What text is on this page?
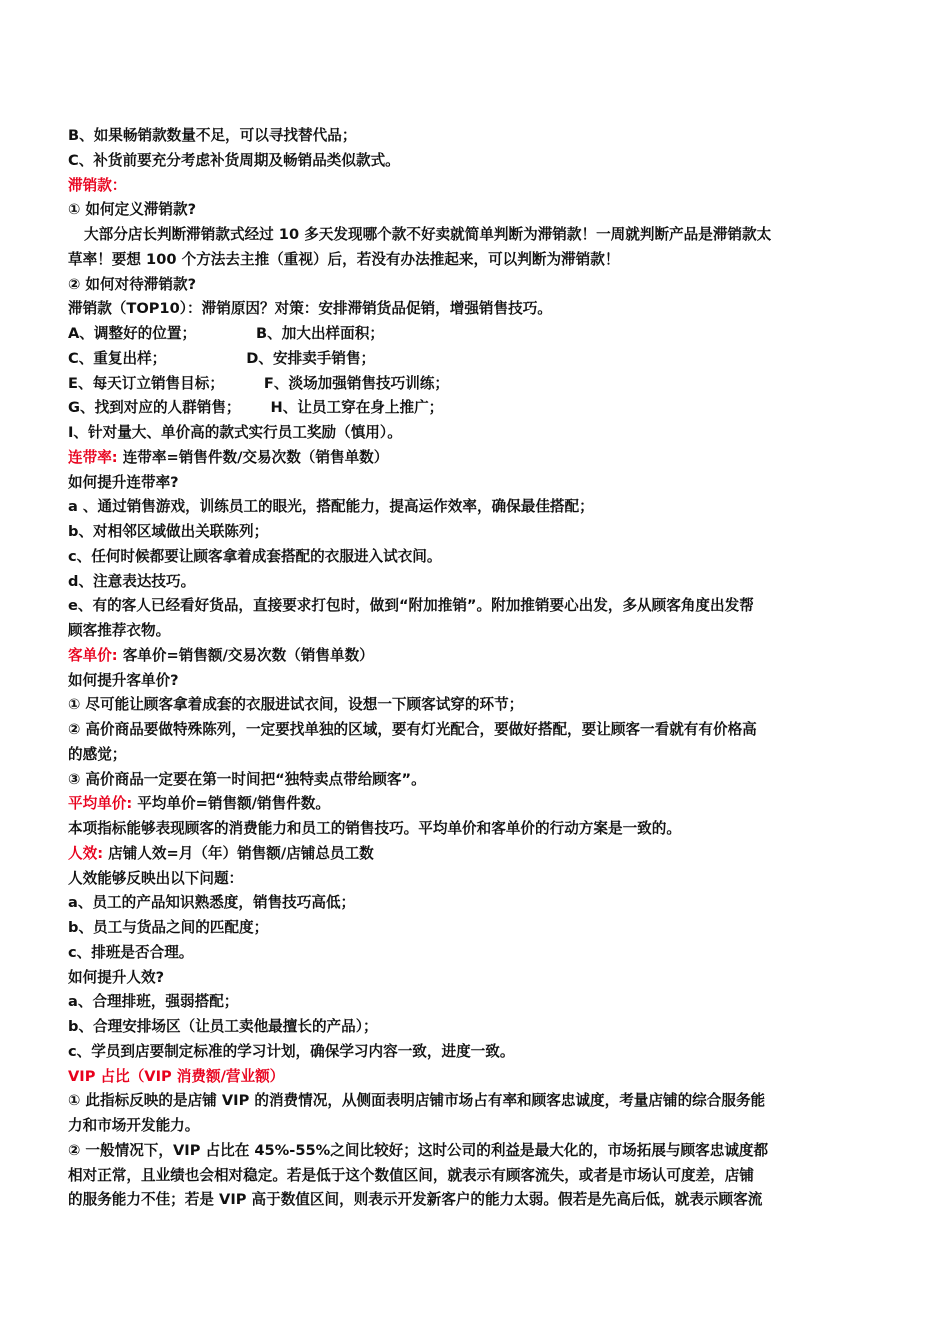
B、如果畅销款数量不足，可以寻找替代品；
C、补货前要充分考虑补货周期及畅销品类似款式。
滞销款：
① 如何定义滞销款?
大部分店长判断滞销款式经过 10 多天发现哪个款不好卖就简单判断为滞销款！一周就判断产品是滞销款太
草率！要想 100 个方法去主推（重视）后，若没有办法推起来，可以判断为滞销款！
② 如何对待滞销款?
滞销款（TOP10）：滞销原因？对策：安排滞销货品促销，增强销售技巧。
A、调整好的位置；	B、加大出样面积；
C、重复出样；	D、安排卖手销售；
E、每天订立销售目标；	F、淡场加强销售技巧训练；
G、找到对应的人群销售； H、让员工穿在身上推广；
I、针对量大、单价高的款式实行员工奖励（慎用）。
连带率: 连带率=销售件数/交易次数（销售单数）
如何提升连带率?
a 、通过销售游戏，训练员工的眼光，搭配能力，提高运作效率，确保最佳搭配；
b、对相邻区域做出关联陈列；
c、任何时候都要让顾客拿着成套搭配的衣服进入试衣间。
d、注意表达技巧。
e、有的客人已经看好货品，直接要求打包时，做到“附加推销”。附加推销要心出发，多从顾客角度出发帮
顾客推荐衣物。
客单价: 客单价=销售额/交易次数（销售单数）
如何提升客单价?
① 尽可能让顾客拿着成套的衣服进试衣间，设想一下顾客试穿的环节；
② 高价商品要做特殊陈列，一定要找单独的区域，要有灯光配合，要做好搭配，要让顾客一看就有有价格高
的感觉；
③ 高价商品一定要在第一时间把“独特卖点带给顾客”。
平均单价: 平均单价=销售额/销售件数。
本项指标能够表现顾客的消费能力和员工的销售技巧。平均单价和客单价的行动方案是一致的。
人效: 店铺人效=月（年）销售额/店铺总员工数
人效能够反映出以下问题：
a、员工的产品知识熟悉度，销售技巧高低；
b、员工与货品之间的匹配度；
c、排班是否合理。
如何提升人效?
a、合理排班，强弱搭配；
b、合理安排场区（让员工卖他最擅长的产品）；
c、学员到店要制定标准的学习计划，确保学习内容一致，进度一致。
VIP 占比（VIP 消费额/营业额）
① 此指标反映的是店铺 VIP 的消费情况，从侧面表明店铺市场占有率和顾客忠诚度，考量店铺的综合服务能
力和市场开发能力。
② 一般情况下，VIP 占比在 45%-55%之间比较好；这时公司的利益是最大化的，市场拓展与顾客忠诚度都
相对正常，且业绩也会相对稳定。若是低于这个数值区间，就表示有顾客流失，或者是市场认可度差，店铺
的服务能力不佳；若是 VIP 高于数值区间，则表示开发新客户的能力太弱。假若是先高后低，就表示顾客流
